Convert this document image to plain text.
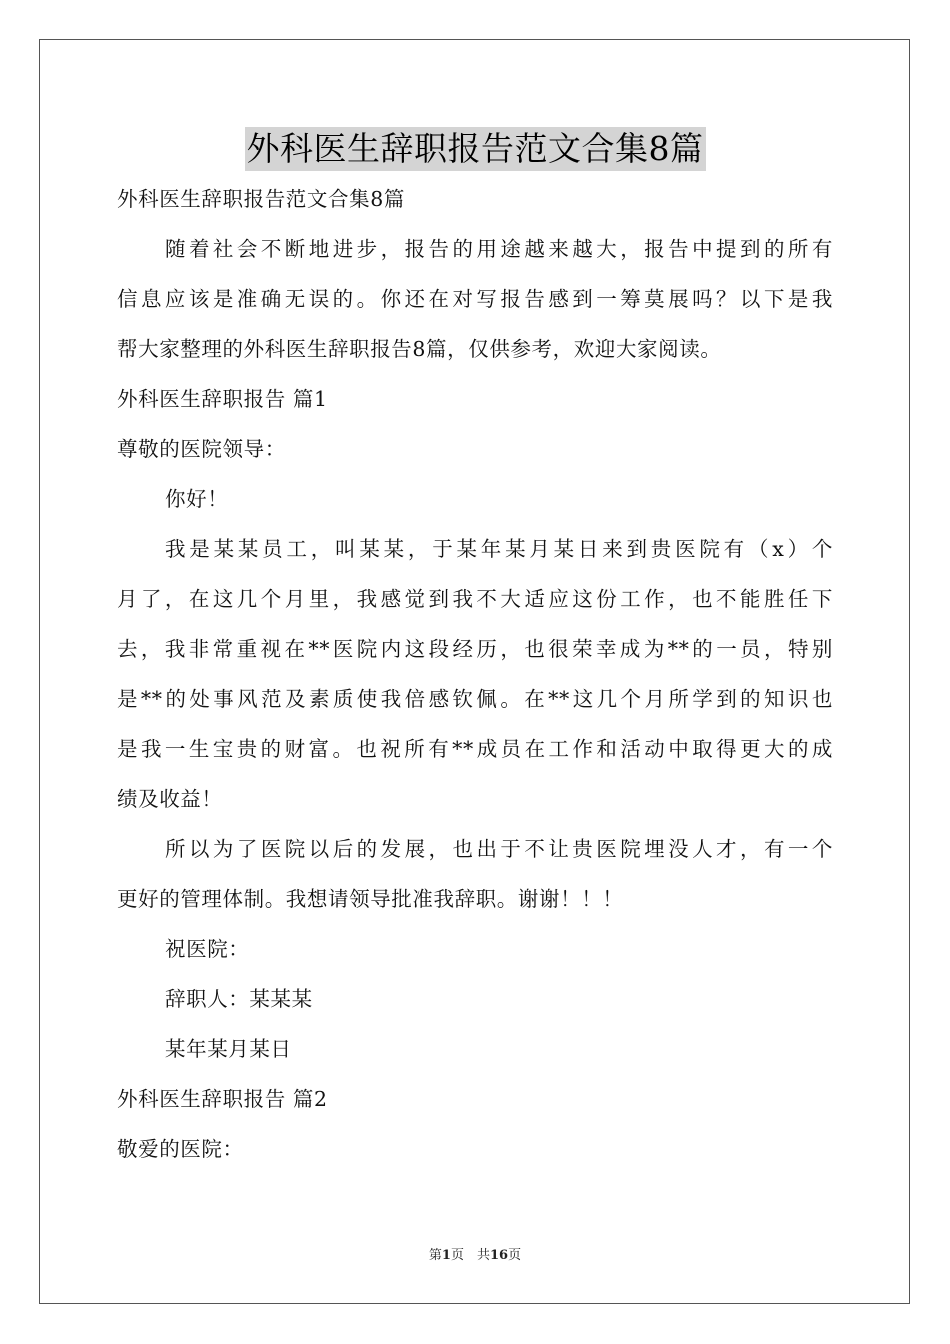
外科医生辞职报告范文合集8篇
外科医生辞职报告范文合集8篇
随着社会不断地进步，报告的用途越来越大，报告中提到的所有
信息应该是准确无误的。你还在对写报告感到一筹莫展吗？以下是我
帮大家整理的外科医生辞职报告8篇，仅供参考，欢迎大家阅读。
外科医生辞职报告 篇1
尊敬的医院领导：
你好！
我是某某员工，叫某某，于某年某月某日来到贵医院有（x）个
月了，在这几个月里，我感觉到我不大适应这份工作，也不能胜任下
去，我非常重视在**医院内这段经历，也很荣幸成为**的一员，特别
是**的处事风范及素质使我倍感钦佩。在**这几个月所学到的知识也
是我一生宝贵的财富。也祝所有**成员在工作和活动中取得更大的成
绩及收益！
所以为了医院以后的发展，也出于不让贵医院埋没人才，有一个
更好的管理体制。我想请领导批准我辞职。谢谢！！！
祝医院：
辞职人：某某某
某年某月某日
外科医生辞职报告 篇2
敬爱的医院：
第1页　共16页
